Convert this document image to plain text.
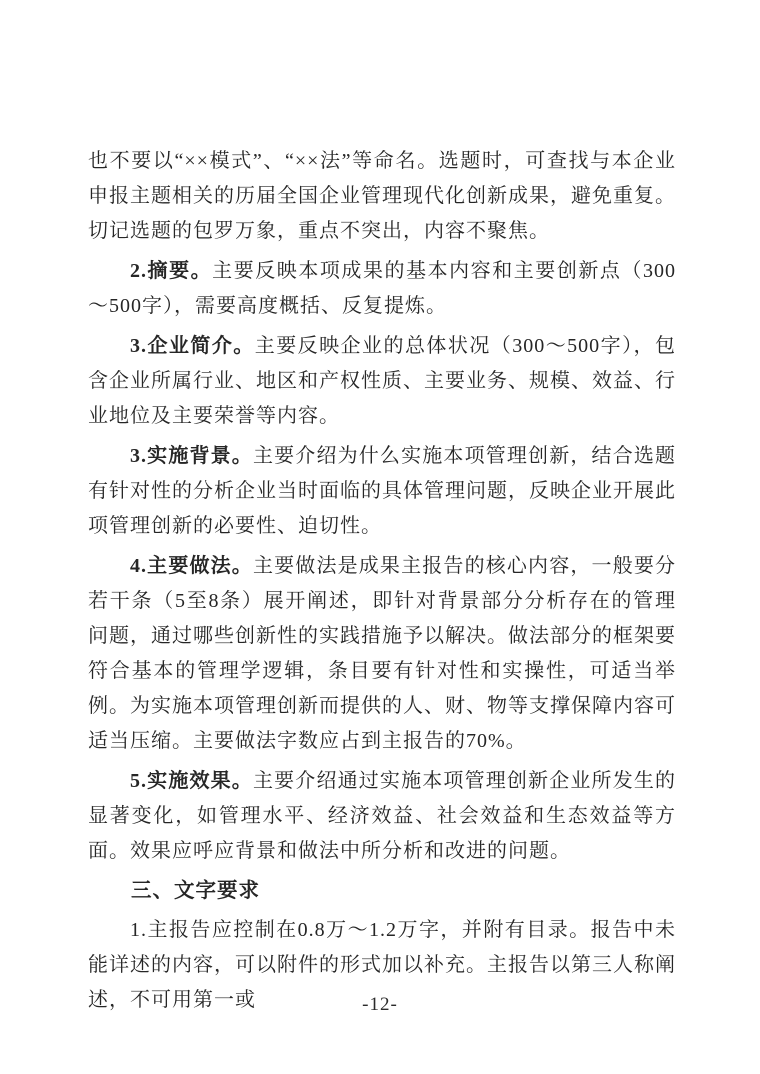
也不要以“××模式”、“××法”等命名。选题时，可查找与本企业申报主题相关的历届全国企业管理现代化创新成果，避免重复。切记选题的包罗万象，重点不突出，内容不聚焦。

2.摘要。主要反映本项成果的基本内容和主要创新点（300～500字），需要高度概括、反复提炼。

3.企业简介。主要反映企业的总体状况（300～500字），包含企业所属行业、地区和产权性质、主要业务、规模、效益、行业地位及主要荣誉等内容。

3.实施背景。主要介绍为什么实施本项管理创新，结合选题有针对性的分析企业当时面临的具体管理问题，反映企业开展此项管理创新的必要性、迫切性。

4.主要做法。主要做法是成果主报告的核心内容，一般要分若干条（5至8条）展开阐述，即针对背景部分分析存在的管理问题，通过哪些创新性的实践措施予以解决。做法部分的框架要符合基本的管理学逻辑，条目要有针对性和实操性，可适当举例。为实施本项管理创新而提供的人、财、物等支撑保障内容可适当压缩。主要做法字数应占到主报告的70%。

5.实施效果。主要介绍通过实施本项管理创新企业所发生的显著变化，如管理水平、经济效益、社会效益和生态效益等方面。效果应呼应背景和做法中所分析和改进的问题。

三、文字要求

1.主报告应控制在0.8万～1.2万字，并附有目录。报告中未能详述的内容，可以附件的形式加以补充。主报告以第三人称阐述，不可用第一或	-12-
